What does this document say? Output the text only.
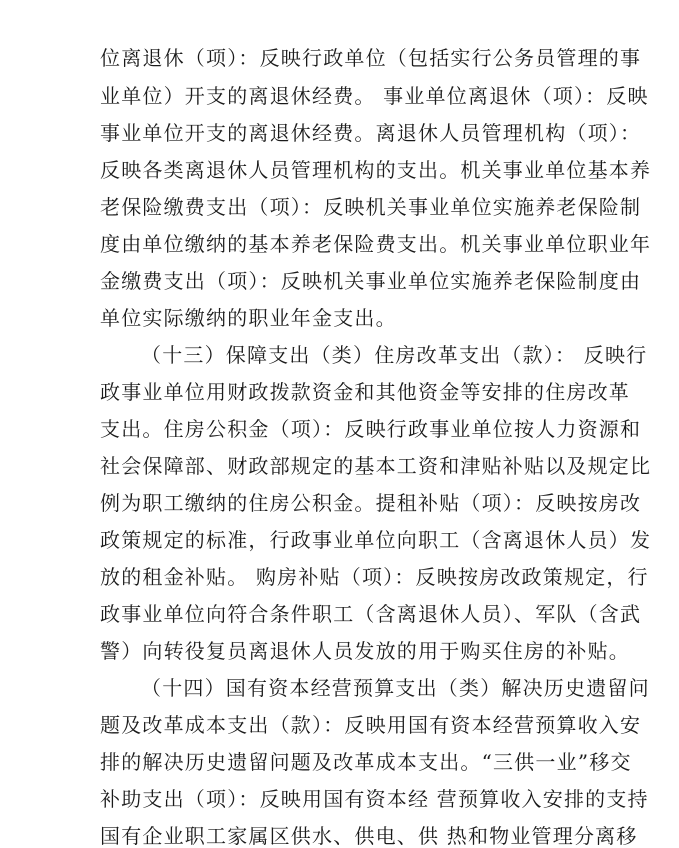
位离退休（项）：反映行政单位（包括实行公务员管理的事
业单位）开支的离退休经费。 事业单位离退休（项）：反映
事业单位开支的离退休经费。离退休人员管理机构（项）：
反映各类离退休人员管理机构的支出。机关事业单位基本养
老保险缴费支出（项）：反映机关事业单位实施养老保险制
度由单位缴纳的基本养老保险费支出。机关事业单位职业年
金缴费支出（项）：反映机关事业单位实施养老保险制度由
单位实际缴纳的职业年金支出。
（十三）保障支出（类）住房改革支出（款）： 反映行
政事业单位用财政拨款资金和其他资金等安排的住房改革
支出。住房公积金（项）：反映行政事业单位按人力资源和
社会保障部、财政部规定的基本工资和津贴补贴以及规定比
例为职工缴纳的住房公积金。提租补贴（项）：反映按房改
政策规定的标准，行政事业单位向职工（含离退休人员）发
放的租金补贴。 购房补贴（项）：反映按房改政策规定，行
政事业单位向符合条件职工（含离退休人员）、军队（含武
警）向转役复员离退休人员发放的用于购买住房的补贴。
（十四）国有资本经营预算支出（类）解决历史遗留问
题及改革成本支出（款）：反映用国有资本经营预算收入安
排的解决历史遗留问题及改革成本支出。“三供一业”移交
补助支出（项）：反映用国有资本经 营预算收入安排的支持
国有企业职工家属区供水、供电、供 热和物业管理分离移
